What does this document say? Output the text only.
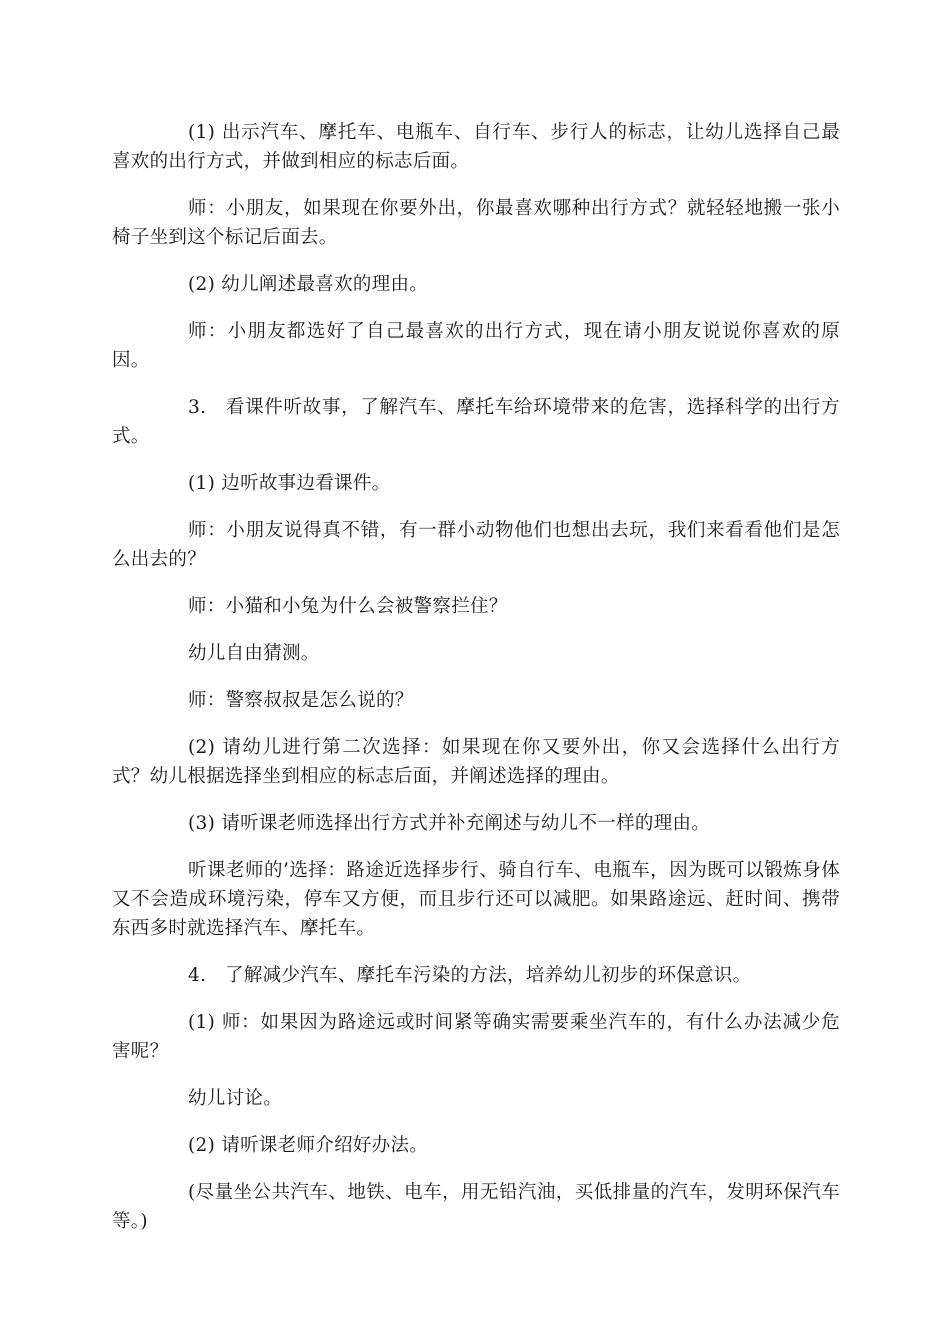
(1) 出示汽车、摩托车、电瓶车、自行车、步行人的标志，让幼儿选择自己最喜欢的出行方式，并做到相应的标志后面。

师：小朋友，如果现在你要外出，你最喜欢哪种出行方式？就轻轻地搬一张小椅子坐到这个标记后面去。

(2) 幼儿阐述最喜欢的理由。

师：小朋友都选好了自己最喜欢的出行方式，现在请小朋友说说你喜欢的原因。

3.　看课件听故事，了解汽车、摩托车给环境带来的危害，选择科学的出行方式。

(1) 边听故事边看课件。

师：小朋友说得真不错，有一群小动物他们也想出去玩，我们来看看他们是怎么出去的？

师：小猫和小兔为什么会被警察拦住？

幼儿自由猜测。

师：警察叔叔是怎么说的？

(2) 请幼儿进行第二次选择：如果现在你又要外出，你又会选择什么出行方式？幼儿根据选择坐到相应的标志后面，并阐述选择的理由。

(3) 请听课老师选择出行方式并补充阐述与幼儿不一样的理由。

听课老师的’选择：路途近选择步行、骑自行车、电瓶车，因为既可以锻炼身体又不会造成环境污染，停车又方便，而且步行还可以减肥。如果路途远、赶时间、携带东西多时就选择汽车、摩托车。

4.　了解减少汽车、摩托车污染的方法，培养幼儿初步的环保意识。

(1) 师：如果因为路途远或时间紧等确实需要乘坐汽车的，有什么办法减少危害呢？

幼儿讨论。

(2) 请听课老师介绍好办法。

(尽量坐公共汽车、地铁、电车，用无铅汽油，买低排量的汽车，发明环保汽车等。)
